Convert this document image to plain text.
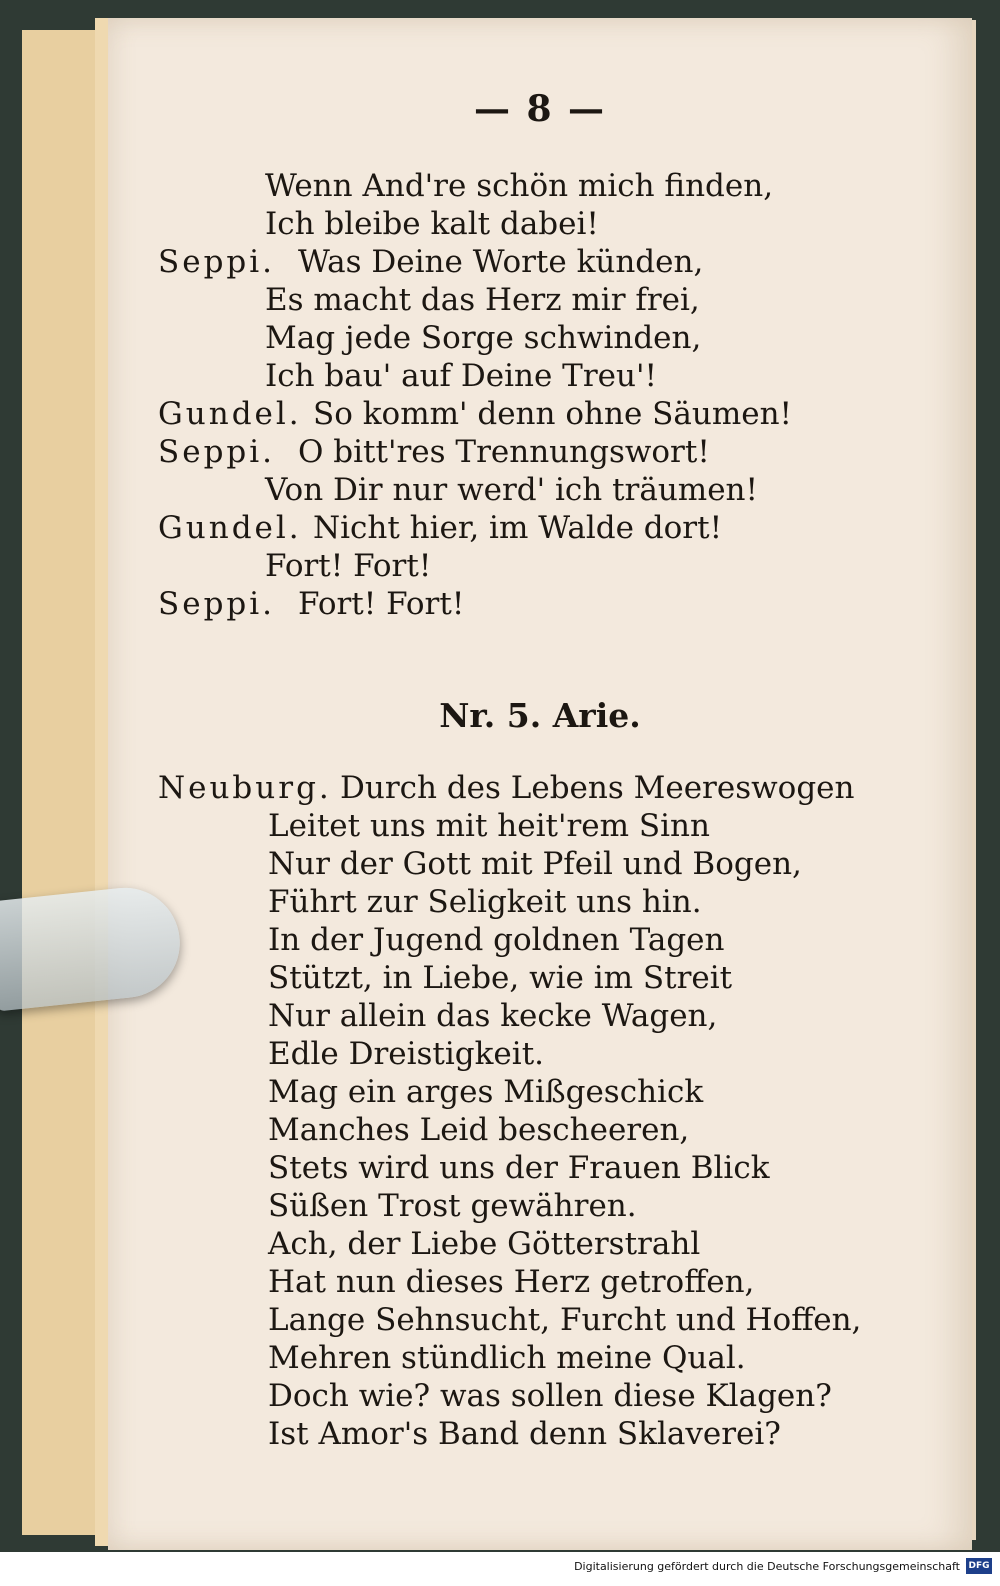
— 8 —
Wenn And're schön mich finden,
Ich bleibe kalt dabei!
Seppi. Was Deine Worte künden,
Es macht das Herz mir frei,
Mag jede Sorge schwinden,
Ich bau' auf Deine Treu'!
Gundel. So komm' denn ohne Säumen!
Seppi. O bitt'res Trennungswort!
Von Dir nur werd' ich träumen!
Gundel. Nicht hier, im Walde dort!
Fort! Fort!
Seppi. Fort! Fort!
Nr. 5. Arie.
Neuburg. Durch des Lebens Meereswogen
Leitet uns mit heit'rem Sinn
Nur der Gott mit Pfeil und Bogen,
Führt zur Seligkeit uns hin.
In der Jugend goldnen Tagen
Stützt, in Liebe, wie im Streit
Nur allein das kecke Wagen,
Edle Dreistigkeit.
Mag ein arges Mißgeschick
Manches Leid bescheeren,
Stets wird uns der Frauen Blick
Süßen Trost gewähren.
Ach, der Liebe Götterstrahl
Hat nun dieses Herz getroffen,
Lange Sehnsucht, Furcht und Hoffen,
Mehren stündlich meine Qual.
Doch wie? was sollen diese Klagen?
Ist Amor's Band denn Sklaverei?
Digitalisierung gefördert durch die Deutsche Forschungsgemeinschaft DFG
